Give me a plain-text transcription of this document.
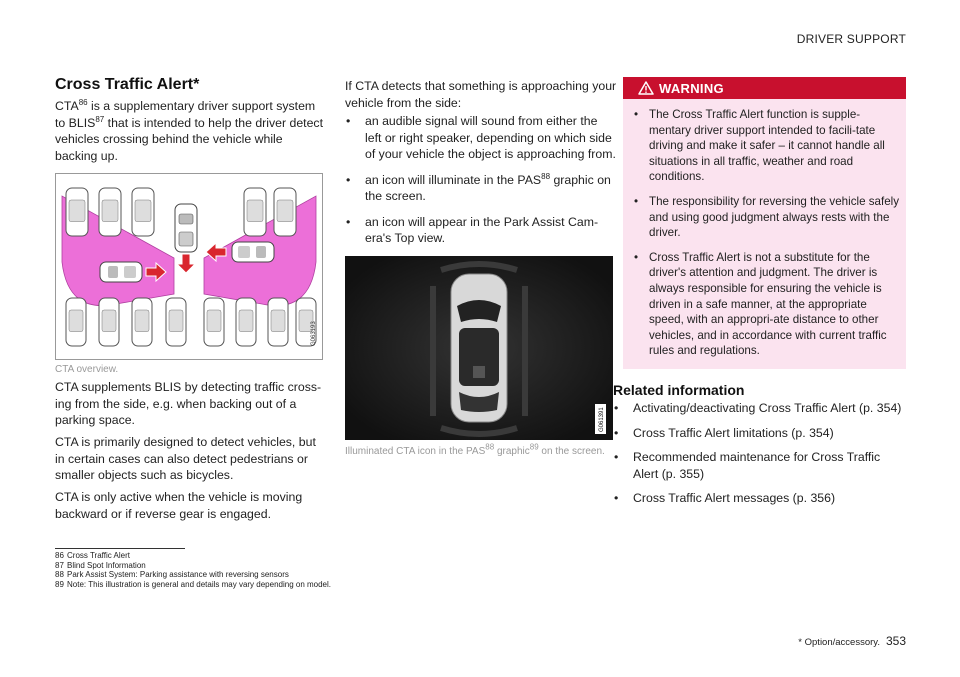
DRIVER SUPPORT
Cross Traffic Alert*

CTA$^{86}$ is a supplementary driver support system to BLIS$^{87}$ that is intended to help the driver detect vehicles crossing behind the vehicle while backing up.

G063193
CTA overview.

CTA supplements BLIS by detecting traffic cross-ing from the side, e.g. when backing out of a parking space.

CTA is primarily designed to detect vehicles, but in certain cases can also detect pedestrians or smaller objects such as bicycles.

CTA is only active when the vehicle is moving backward or if reverse gear is engaged.

If CTA detects that something is approaching your vehicle from the side:

• an audible signal will sound from either the left or right speaker, depending on which side of your vehicle the object is approaching from.
• an icon will illuminate in the PAS$^{88}$ graphic on the screen.
• an icon will appear in the Park Assist Cam-era's Top view.
G061391
Illuminated CTA icon in the PAS$^{88}$ graphic$^{89}$ on the screen.
WARNING
• The Cross Traffic Alert function is supple-mentary driver support intended to facili-tate driving and make it safer – it cannot handle all situations in all traffic, weather and road conditions.
• The responsibility for reversing the vehicle safely and using good judgment always rests with the driver.
• Cross Traffic Alert is not a substitute for the driver's attention and judgment. The driver is always responsible for ensuring the vehicle is driven in a safe manner, at the appropriate speed, with an appropri-ate distance to other vehicles, and in accordance with current traffic rules and regulations.
Related information
• Activating/deactivating Cross Traffic Alert (p. 354)
• Cross Traffic Alert limitations (p. 354)
• Recommended maintenance for Cross Traffic Alert (p. 355)
• Cross Traffic Alert messages (p. 356)
86 Cross Traffic Alert
87 Blind Spot Information
88 Park Assist System: Parking assistance with reversing sensors
89 Note: This illustration is general and details may vary depending on model.
* Option/accessory. 353
